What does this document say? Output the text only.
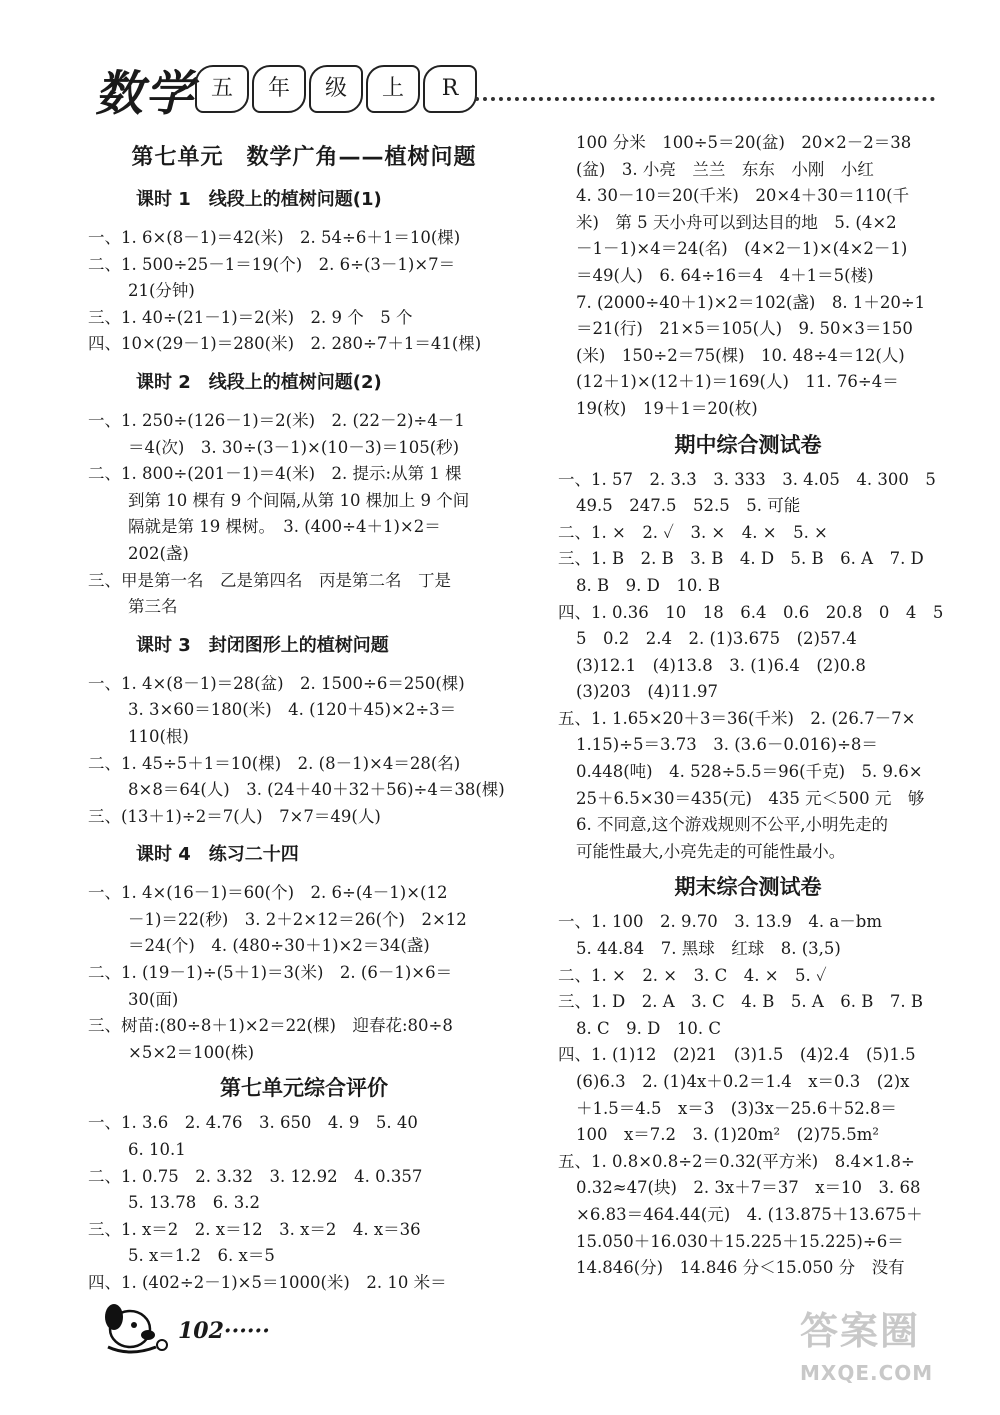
数学 五	年	级	上	R
第七单元　数学广角——植树问题
课时 1　线段上的植树问题(1)
一、1. 6×(8－1)＝42(米)　2. 54÷6＋1＝10(棵)
二、1. 500÷25－1＝19(个)　2. 6÷(3－1)×7＝
21(分钟)
三、1. 40÷(21－1)＝2(米)　2. 9 个　5 个
四、10×(29－1)＝280(米)　2. 280÷7＋1＝41(棵)
课时 2　线段上的植树问题(2)
一、1. 250÷(126－1)＝2(米)　2. (22－2)÷4－1
＝4(次)　3. 30÷(3－1)×(10－3)＝105(秒)
二、1. 800÷(201－1)＝4(米)　2. 提示:从第 1 棵
到第 10 棵有 9 个间隔,从第 10 棵加上 9 个间
隔就是第 19 棵树。　3. (400÷4＋1)×2＝
202(盏)
三、甲是第一名　乙是第四名　丙是第二名　丁是
第三名
课时 3　封闭图形上的植树问题
一、1. 4×(8－1)＝28(盆)　2. 1500÷6＝250(棵)
3. 3×60＝180(米)　4. (120＋45)×2÷3＝
110(根)
二、1. 45÷5＋1＝10(棵)　2. (8－1)×4＝28(名)
8×8＝64(人)　3. (24＋40＋32＋56)÷4＝38(棵)
三、(13＋1)÷2＝7(人)　7×7＝49(人)
课时 4　练习二十四
一、1. 4×(16－1)＝60(个)　2. 6÷(4－1)×(12
－1)＝22(秒)　3. 2＋2×12＝26(个)　2×12
＝24(个)　4. (480÷30＋1)×2＝34(盏)
二、1. (19－1)÷(5＋1)＝3(米)　2. (6－1)×6＝
30(面)
三、树苗:(80÷8＋1)×2＝22(棵)　迎春花:80÷8
×5×2＝100(株)
第七单元综合评价
一、1. 3.6　2. 4.76　3. 650　4. 9　5. 40
6. 10.1
二、1. 0.75　2. 3.32　3. 12.92　4. 0.357
5. 13.78　6. 3.2
三、1. x＝2　2. x＝12　3. x＝2　4. x＝36
5. x＝1.2　6. x＝5
四、1. (402÷2－1)×5＝1000(米)　2. 10 米＝
100 分米　100÷5＝20(盆)　20×2－2＝38
(盆)　3. 小亮　兰兰　东东　小刚　小红
4. 30－10＝20(千米)　20×4＋30＝110(千
米)　第 5 天小舟可以到达目的地　5. (4×2
－1－1)×4＝24(名)　(4×2－1)×(4×2－1)
＝49(人)　6. 64÷16＝4　4＋1＝5(楼)
7. (2000÷40＋1)×2＝102(盏)　8. 1＋20÷1
＝21(行)　21×5＝105(人)　9. 50×3＝150
(米)　150÷2＝75(棵)　10. 48÷4＝12(人)
(12＋1)×(12＋1)＝169(人)　11. 76÷4＝
19(枚)　19＋1＝20(枚)
期中综合测试卷
一、1. 57　2. 3.3̇　3. 333　3. 4.05　4. 300　5
49.5　247.5　52.5　5. 可能
二、1. ×　2. ✓　3. ×　4. ×　5. ×
三、1. B　2. B　3. B　4. D　5. B　6. A　7. D
8. B　9. D　10. B
四、1. 0.36　10　18　6.4　0.6　20.8　0　4　5
5　0.2　2.4　2. (1)3.675　(2)57.4
(3)12.1　(4)13.8　3. (1)6.4　(2)0.8
(3)203　(4)11.97
五、1. 1.65×20＋3＝36(千米)　2. (26.7－7×
1.15)÷5＝3.73　3. (3.6－0.016)÷8＝
0.448(吨)　4. 528÷5.5＝96(千克)　5. 9.6×
25＋6.5×30＝435(元)　435 元＜500 元　够
6. 不同意,这个游戏规则不公平,小明先走的
可能性最大,小亮先走的可能性最小。
期末综合测试卷
一、1. 100　2. 9.70　3. 13.9　4. a－bm
5. 44.84　7. 黑球　红球　8. (3,5)
二、1. ×　2. ×　3. C　4. ×　5. ✓
三、1. D　2. A　3. C　4. B　5. A　6. B　7. B
8. C　9. D　10. C
四、1. (1)12　(2)21　(3)1.5　(4)2.4　(5)1.5
(6)6.3　2. (1)4x＋0.2＝1.4　x＝0.3　(2)x
＋1.5＝4.5　x＝3　(3)3x－25.6＋52.8＝
100　x＝7.2　3. (1)20m²　(2)75.5m²
五、1. 0.8×0.8÷2＝0.32(平方米)　8.4×1.8÷
0.32≈47(块)　2. 3x＋7＝37　x＝10　3. 68
×6.83＝464.44(元)　4. (13.875＋13.675＋
15.050＋16.030＋15.225＋15.225)÷6＝
14.846(分)　14.846 分＜15.050 分　没有
102······	答案圈
MXQE.COM
